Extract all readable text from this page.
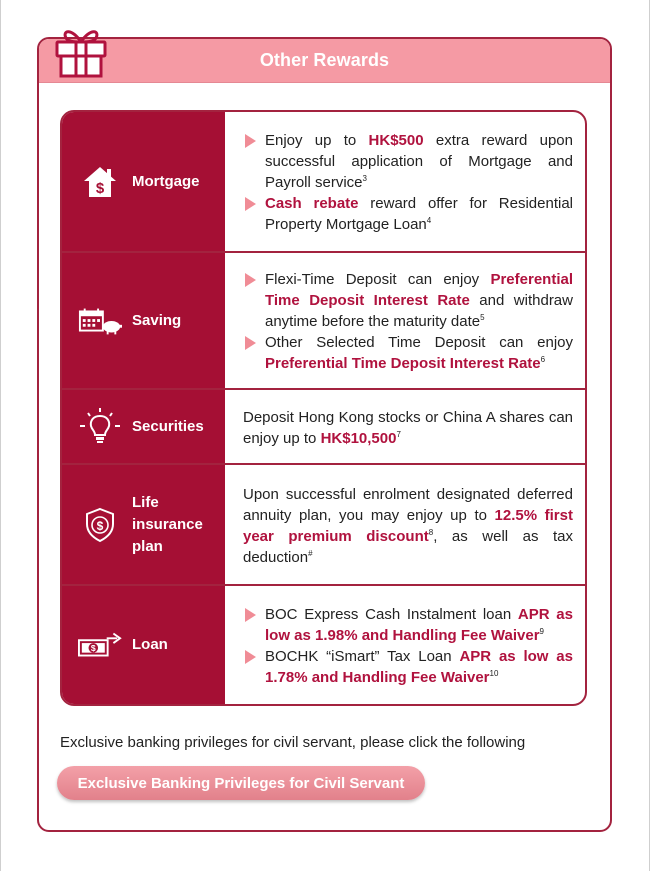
Other Rewards
$ Mortgage
Enjoy up to HK$500 extra reward upon successful application of Mortgage and Payroll service$^3$
Cash rebate reward offer for Residential Property Mortgage Loan$^4$
Saving
Flexi-Time Deposit can enjoy Preferential Time Deposit Interest Rate and withdraw anytime before the maturity date$^5$
Other Selected Time Deposit can enjoy Preferential Time Deposit Interest Rate$^6$
Securities
Deposit Hong Kong stocks or China A shares can enjoy up to HK$10,500$^7$
$
Life
insurance
plan
Upon successful enrolment designated deferred annuity plan, you may enjoy up to 12.5% first year premium discount$^8$, as well as tax deduction#
$ Loan
BOC Express Cash Instalment loan APR as low as 1.98% and Handling Fee Waiver$^9$
BOCHK “iSmart” Tax Loan APR as low as 1.78% and Handling Fee Waiver$^{10}$
Exclusive banking privileges for civil servant, please click the following
Exclusive Banking Privileges for Civil Servant
